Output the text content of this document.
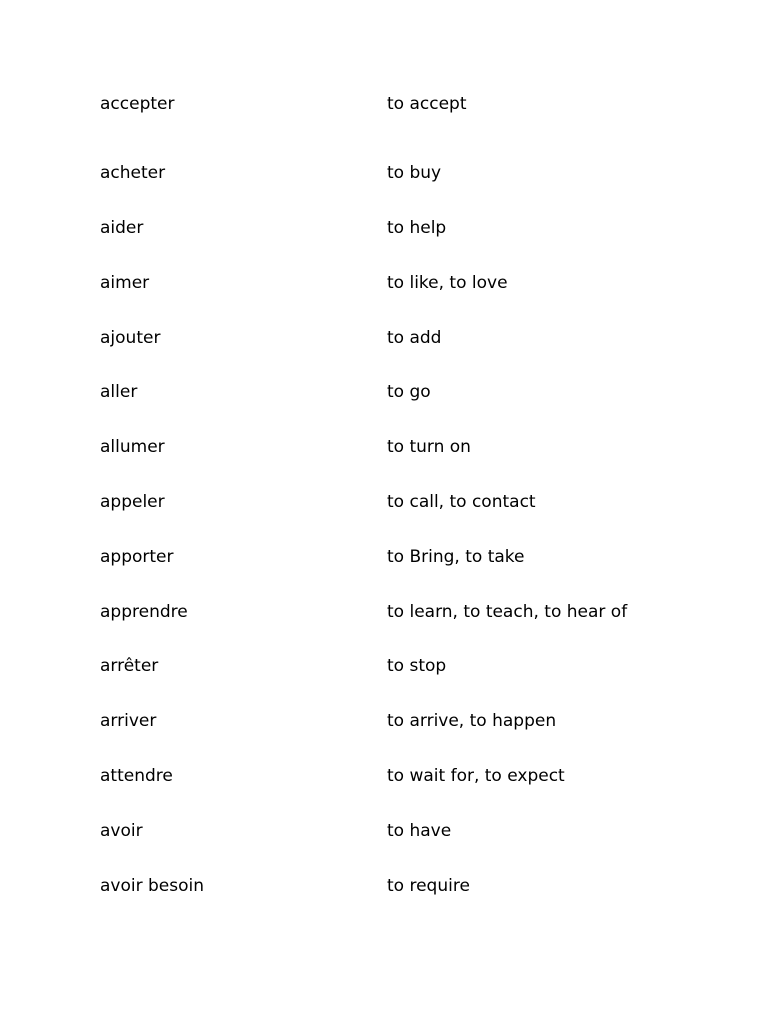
accepter	to accept
acheter	to buy
aider	to help
aimer	to like, to love
ajouter	to add
aller	to go
allumer	to turn on
appeler	to call, to contact
apporter	to Bring, to take
apprendre	to learn, to teach, to hear of
arrêter	to stop
arriver	to arrive, to happen
attendre	to wait for, to expect
avoir	to have
avoir besoin	to require
